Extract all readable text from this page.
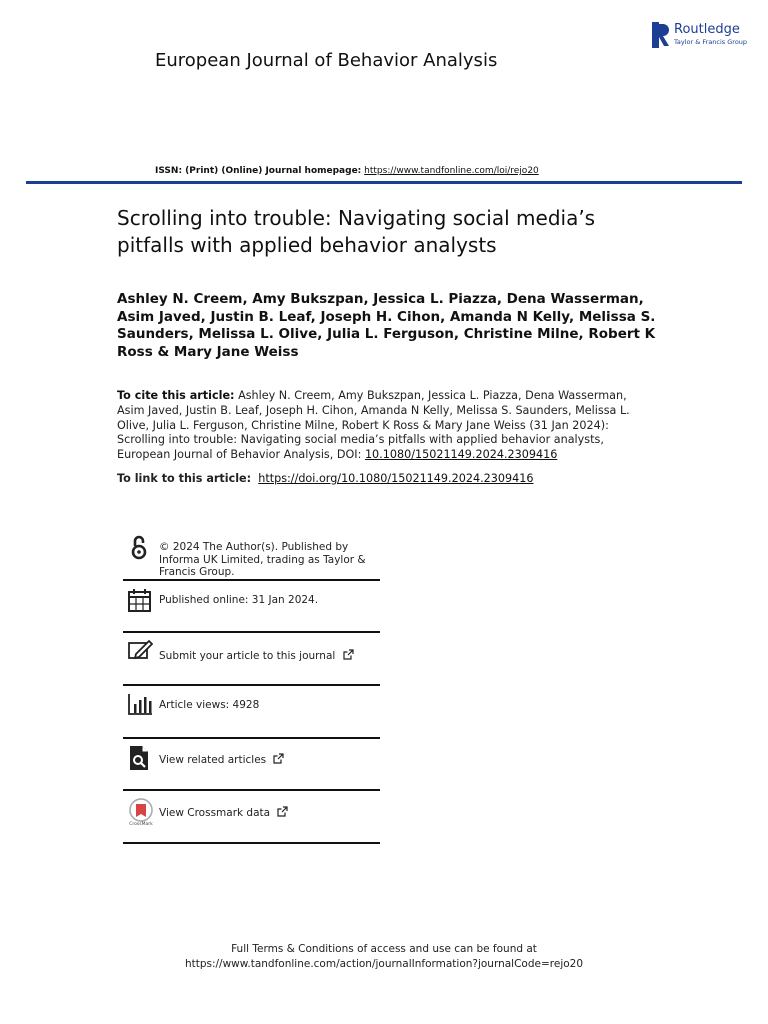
European Journal of Behavior Analysis
Routledge
Taylor & Francis Group
ISSN: (Print) (Online) Journal homepage: https://www.tandfonline.com/loi/rejo20
Scrolling into trouble: Navigating social media’s pitfalls with applied behavior analysts
Ashley N. Creem, Amy Bukszpan, Jessica L. Piazza, Dena Wasserman, Asim Javed, Justin B. Leaf, Joseph H. Cihon, Amanda N Kelly, Melissa S. Saunders, Melissa L. Olive, Julia L. Ferguson, Christine Milne, Robert K Ross & Mary Jane Weiss
To cite this article: Ashley N. Creem, Amy Bukszpan, Jessica L. Piazza, Dena Wasserman, Asim Javed, Justin B. Leaf, Joseph H. Cihon, Amanda N Kelly, Melissa S. Saunders, Melissa L. Olive, Julia L. Ferguson, Christine Milne, Robert K Ross & Mary Jane Weiss (31 Jan 2024): Scrolling into trouble: Navigating social media’s pitfalls with applied behavior analysts, European Journal of Behavior Analysis, DOI: 10.1080/15021149.2024.2309416
To link to this article: https://doi.org/10.1080/15021149.2024.2309416
© 2024 The Author(s). Published by Informa UK Limited, trading as Taylor & Francis Group.
Published online: 31 Jan 2024.
Submit your article to this journal
Article views: 4928
View related articles
CrossMark
View Crossmark data
Full Terms & Conditions of access and use can be found at
https://www.tandfonline.com/action/journalInformation?journalCode=rejo20
